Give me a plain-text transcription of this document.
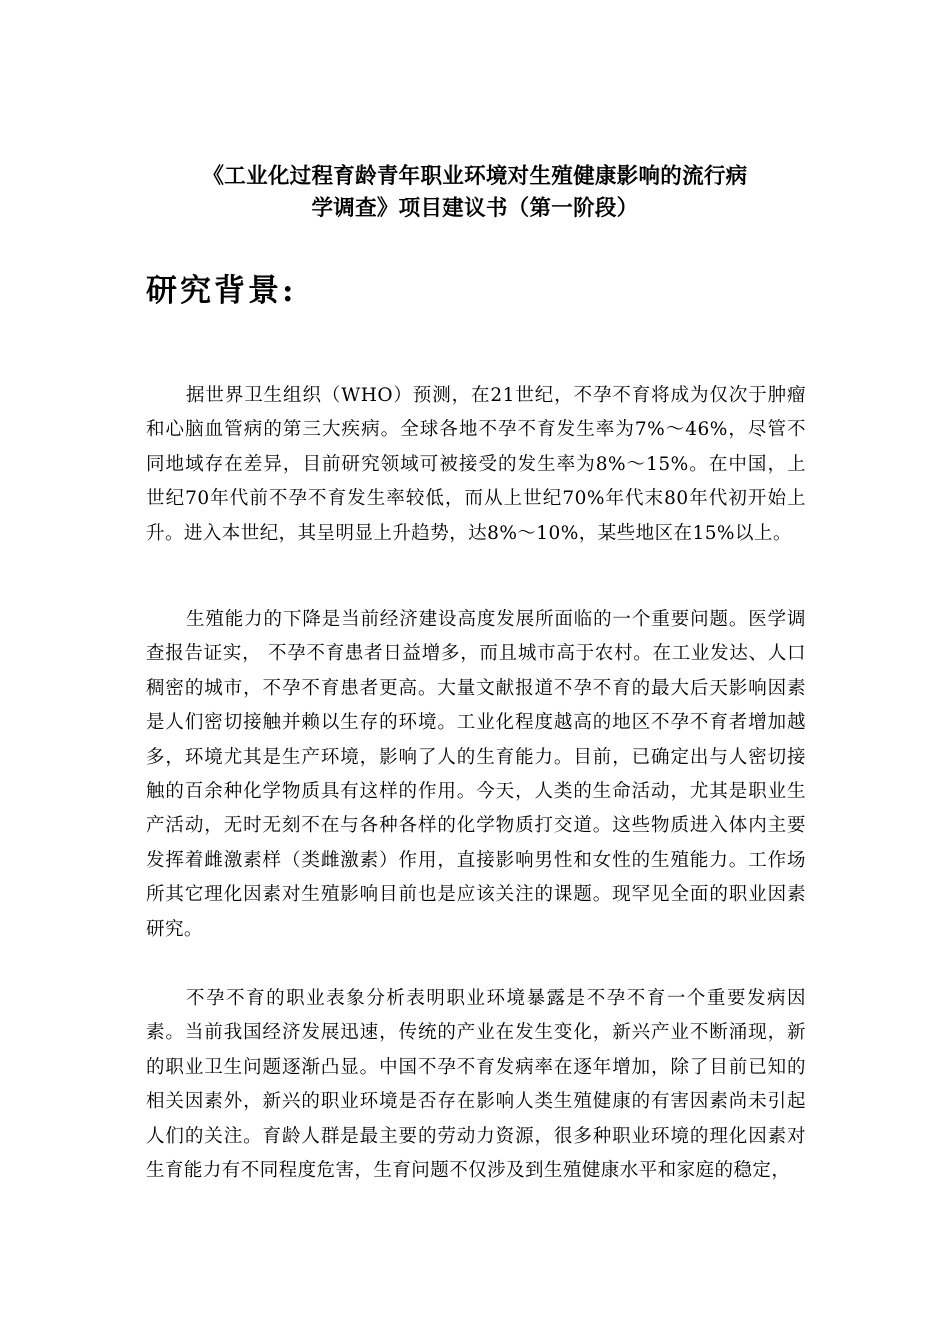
《工业化过程育龄青年职业环境对生殖健康影响的流行病
学调查》项目建议书（第一阶段）
研究背景:

据世界卫生组织（WHO）预测，在21世纪，不孕不育将成为仅次于肿瘤和心脑血管病的第三大疾病。全球各地不孕不育发生率为7%～46%，尽管不同地域存在差异，目前研究领域可被接受的发生率为8%～15%。在中国，上世纪70年代前不孕不育发生率较低，而从上世纪70%年代末80年代初开始上升。进入本世纪，其呈明显上升趋势，达8%～10%，某些地区在15%以上。

生殖能力的下降是当前经济建设高度发展所面临的一个重要问题。医学调查报告证实， 不孕不育患者日益增多，而且城市高于农村。在工业发达、人口稠密的城市，不孕不育患者更高。大量文献报道不孕不育的最大后天影响因素是人们密切接触并赖以生存的环境。工业化程度越高的地区不孕不育者增加越多，环境尤其是生产环境，影响了人的生育能力。目前，已确定出与人密切接触的百余种化学物质具有这样的作用。今天，人类的生命活动，尤其是职业生产活动，无时无刻不在与各种各样的化学物质打交道。这些物质进入体内主要发挥着雌激素样（类雌激素）作用，直接影响男性和女性的生殖能力。工作场所其它理化因素对生殖影响目前也是应该关注的课题。现罕见全面的职业因素研究。

不孕不育的职业表象分析表明职业环境暴露是不孕不育一个重要发病因素。当前我国经济发展迅速，传统的产业在发生变化，新兴产业不断涌现，新的职业卫生问题逐渐凸显。中国不孕不育发病率在逐年增加，除了目前已知的相关因素外，新兴的职业环境是否存在影响人类生殖健康的有害因素尚未引起人们的关注。育龄人群是最主要的劳动力资源，很多种职业环境的理化因素对生育能力有不同程度危害，生育问题不仅涉及到生殖健康水平和家庭的稳定，
